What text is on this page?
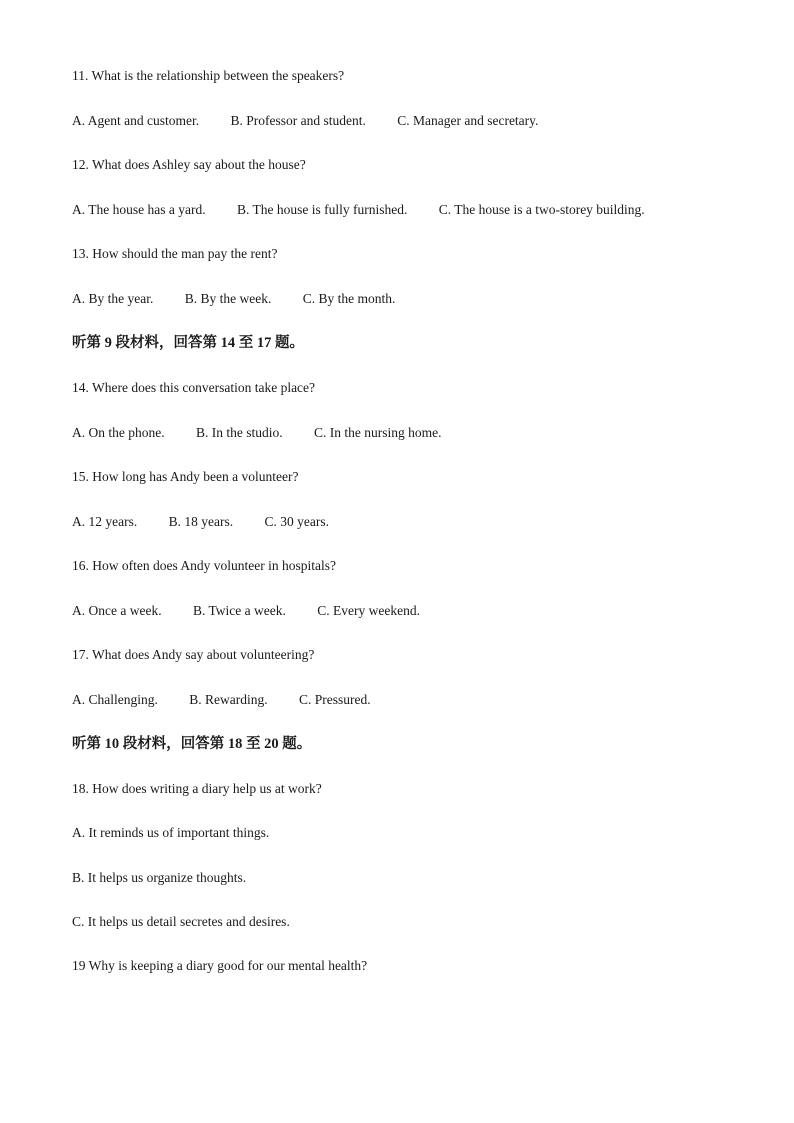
11. What is the relationship between the speakers?
A. Agent and customer. B. Professor and student. C. Manager and secretary.
12. What does Ashley say about the house?
A. The house has a yard. B. The house is fully furnished. C. The house is a two-storey building.
13. How should the man pay the rent?
A. By the year. B. By the week. C. By the month.
听第 9 段材料，回答第 14 至 17 题。
14. Where does this conversation take place?
A. On the phone. B. In the studio. C. In the nursing home.
15. How long has Andy been a volunteer?
A. 12 years. B. 18 years. C. 30 years.
16. How often does Andy volunteer in hospitals?
A. Once a week. B. Twice a week. C. Every weekend.
17. What does Andy say about volunteering?
A. Challenging. B. Rewarding. C. Pressured.
听第 10 段材料，回答第 18 至 20 题。
18. How does writing a diary help us at work?
A. It reminds us of important things.
B. It helps us organize thoughts.
C. It helps us detail secretes and desires.
19 Why is keeping a diary good for our mental health?
